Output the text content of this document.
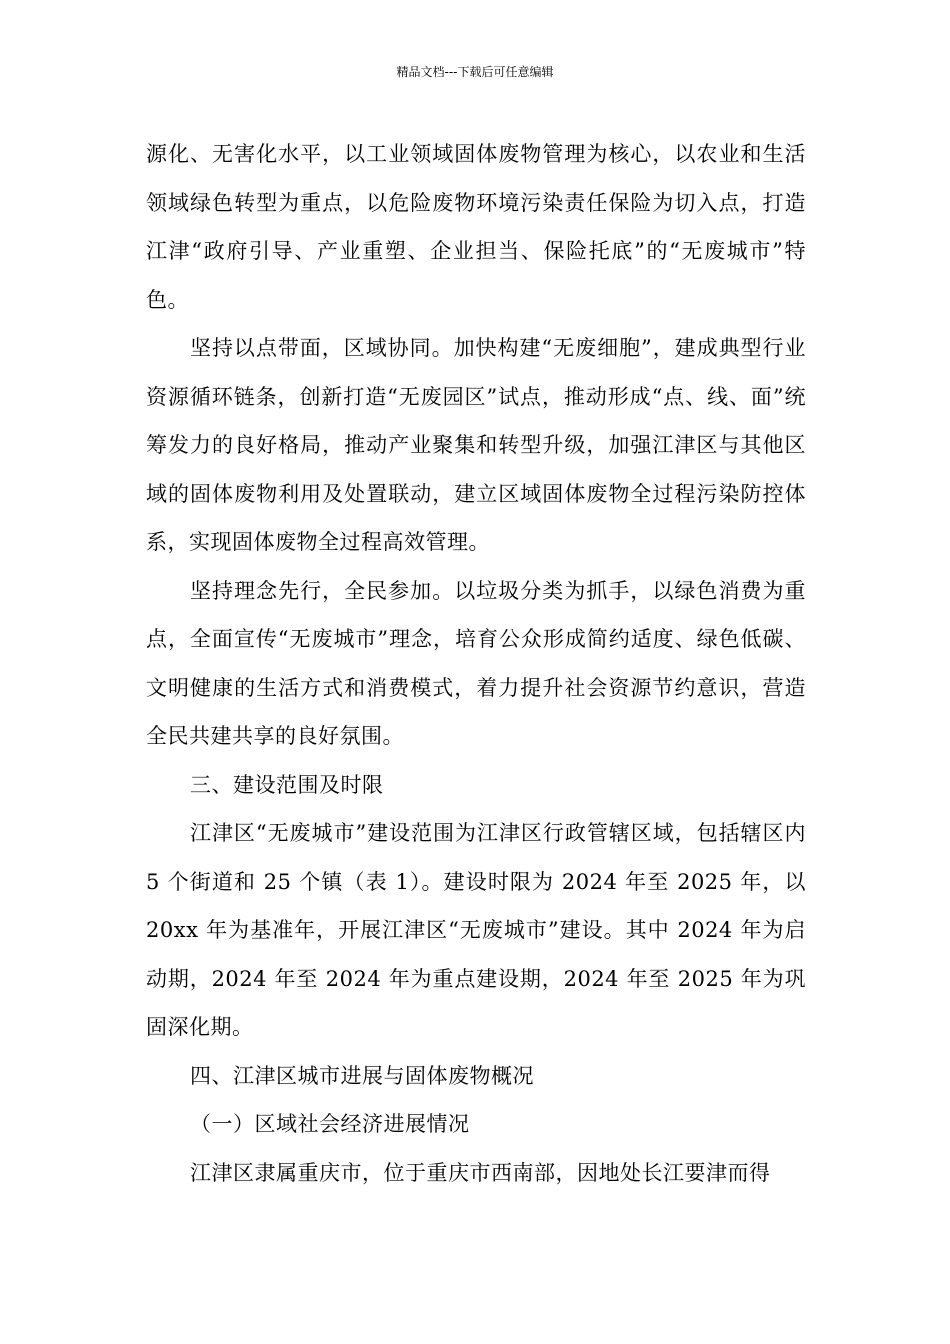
精品文档---下载后可任意编辑

源化、无害化水平，以工业领域固体废物管理为核心，以农业和生活领域绿色转型为重点，以危险废物环境污染责任保险为切入点，打造江津“政府引导、产业重塑、企业担当、保险托底”的“无废城市”特色。

坚持以点带面，区域协同。加快构建“无废细胞”，建成典型行业资源循环链条，创新打造“无废园区”试点，推动形成“点、线、面”统筹发力的良好格局，推动产业聚集和转型升级，加强江津区与其他区域的固体废物利用及处置联动，建立区域固体废物全过程污染防控体系，实现固体废物全过程高效管理。

坚持理念先行，全民参加。以垃圾分类为抓手，以绿色消费为重点，全面宣传“无废城市”理念，培育公众形成简约适度、绿色低碳、文明健康的生活方式和消费模式，着力提升社会资源节约意识，营造全民共建共享的良好氛围。

三、建设范围及时限

江津区“无废城市”建设范围为江津区行政管辖区域，包括辖区内 5 个街道和 25 个镇（表 1）。建设时限为 2024 年至 2025 年，以 20xx 年为基准年，开展江津区“无废城市”建设。其中 2024 年为启动期，2024 年至 2024 年为重点建设期，2024 年至 2025 年为巩固深化期。

四、江津区城市进展与固体废物概况

（一）区域社会经济进展情况

江津区隶属重庆市，位于重庆市西南部，因地处长江要津而得
